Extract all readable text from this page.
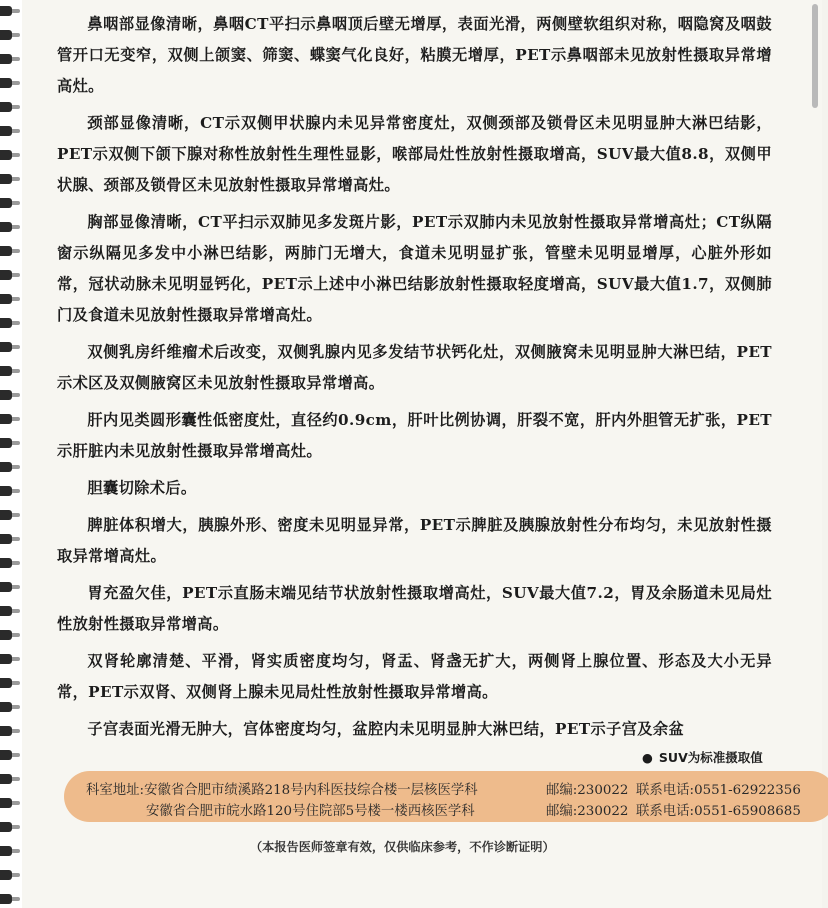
鼻咽部显像清晰，鼻咽CT平扫示鼻咽顶后壁无增厚，表面光滑，两侧壁软组织对称，咽隐窝及咽鼓管开口无变窄，双侧上颌窦、筛窦、蝶窦气化良好，粘膜无增厚，PET示鼻咽部未见放射性摄取异常增高灶。

颈部显像清晰，CT示双侧甲状腺内未见异常密度灶，双侧颈部及锁骨区未见明显肿大淋巴结影，PET示双侧下颌下腺对称性放射性生理性显影，喉部局灶性放射性摄取增高，SUV最大值8.8，双侧甲状腺、颈部及锁骨区未见放射性摄取异常增高灶。

胸部显像清晰，CT平扫示双肺见多发斑片影，PET示双肺内未见放射性摄取异常增高灶；CT纵隔窗示纵隔见多发中小淋巴结影，两肺门无增大，食道未见明显扩张，管壁未见明显增厚，心脏外形如常，冠状动脉未见明显钙化，PET示上述中小淋巴结影放射性摄取轻度增高，SUV最大值1.7，双侧肺门及食道未见放射性摄取异常增高灶。

双侧乳房纤维瘤术后改变，双侧乳腺内见多发结节状钙化灶，双侧腋窝未见明显肿大淋巴结，PET示术区及双侧腋窝区未见放射性摄取异常增高。

肝内见类圆形囊性低密度灶，直径约0.9cm，肝叶比例协调，肝裂不宽，肝内外胆管无扩张，PET示肝脏内未见放射性摄取异常增高灶。

胆囊切除术后。

脾脏体积增大，胰腺外形、密度未见明显异常，PET示脾脏及胰腺放射性分布均匀，未见放射性摄取异常增高灶。

胃充盈欠佳，PET示直肠末端见结节状放射性摄取增高灶，SUV最大值7.2，胃及余肠道未见局灶性放射性摄取异常增高。

双肾轮廓清楚、平滑，肾实质密度均匀，肾盂、肾盏无扩大，两侧肾上腺位置、形态及大小无异常，PET示双肾、双侧肾上腺未见局灶性放射性摄取异常增高。

子宫表面光滑无肿大，宫体密度均匀，盆腔内未见明显肿大淋巴结，PET示子宫及余盆

● SUV为标准摄取值
科室地址:安徽省合肥市绩溪路218号内科医技综合楼一层核医学科	邮编:230022 联系电话:0551-62922356
安徽省合肥市皖水路120号住院部5号楼一楼西核医学科	邮编:230022 联系电话:0551-65908685
（本报告医师签章有效，仅供临床参考，不作诊断证明）
